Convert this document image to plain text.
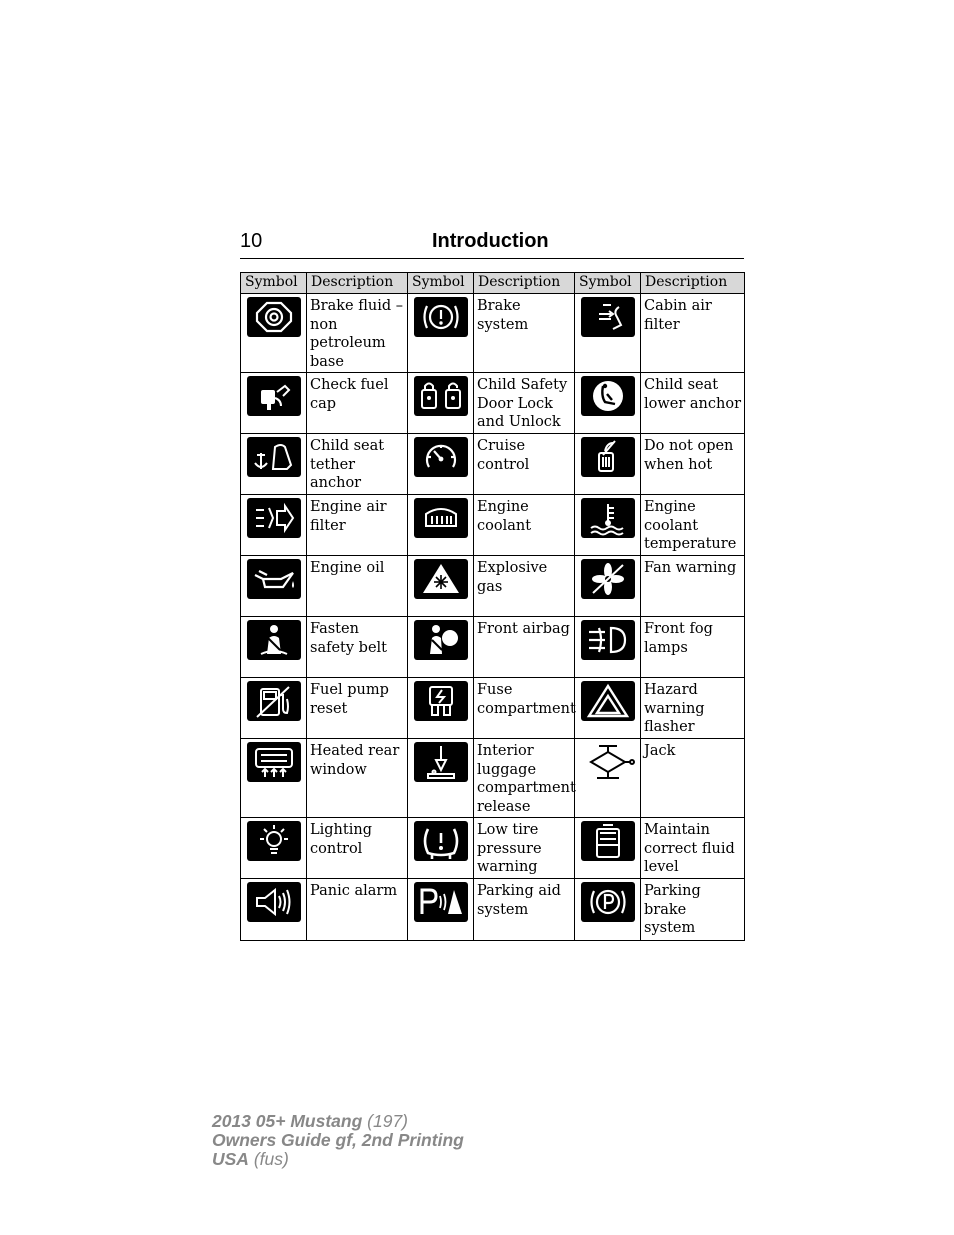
10	Introduction
Symbol	Description	Symbol	Description	Symbol	Description

	Brake fluid – non petroleum base		Brake system		Cabin air filter

	Check fuel cap		Child Safety Door Lock and Unlock		Child seat lower anchor

	Child seat tether anchor		Cruise control		Do not open when hot

	Engine air filter		Engine coolant		Engine coolant temperature

	Engine oil		Explosive gas		Fan warning

	Fasten safety belt		Front airbag		Front fog lamps

	Fuel pump reset		Fuse compartment		Hazard warning flasher

	Heated rear window		Interior luggage compartment release		Jack

	Lighting control		Low tire pressure warning		Maintain correct fluid level

	Panic alarm		Parking aid system		Parking brake system
2013 05+ Mustang (197)
Owners Guide gf, 2nd Printing
USA (fus)
